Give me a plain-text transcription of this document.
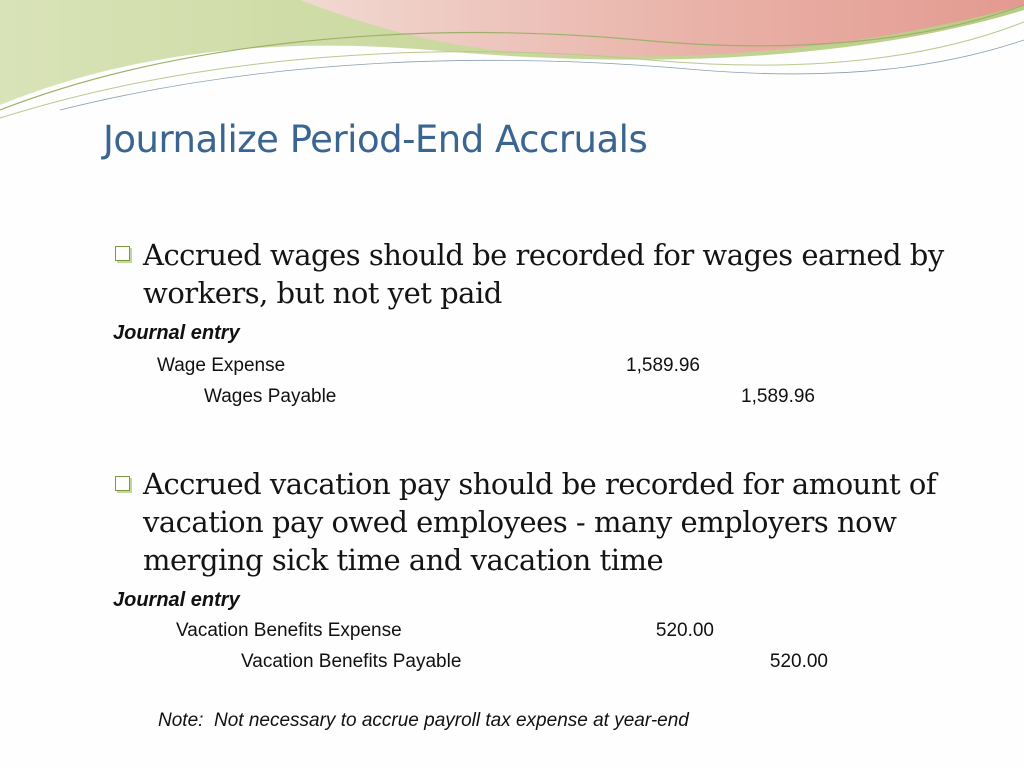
Journalize Period-End Accruals
Accrued wages should be recorded for wages earned by workers, but not yet paid
Journal entry
Wage Expense	1,589.96
Wages Payable	1,589.96
Accrued vacation pay should be recorded for amount of vacation pay owed employees - many employers now merging sick time and vacation time
Journal entry
Vacation Benefits Expense	520.00
Vacation Benefits Payable	520.00
Note:  Not necessary to accrue payroll tax expense at year-end
